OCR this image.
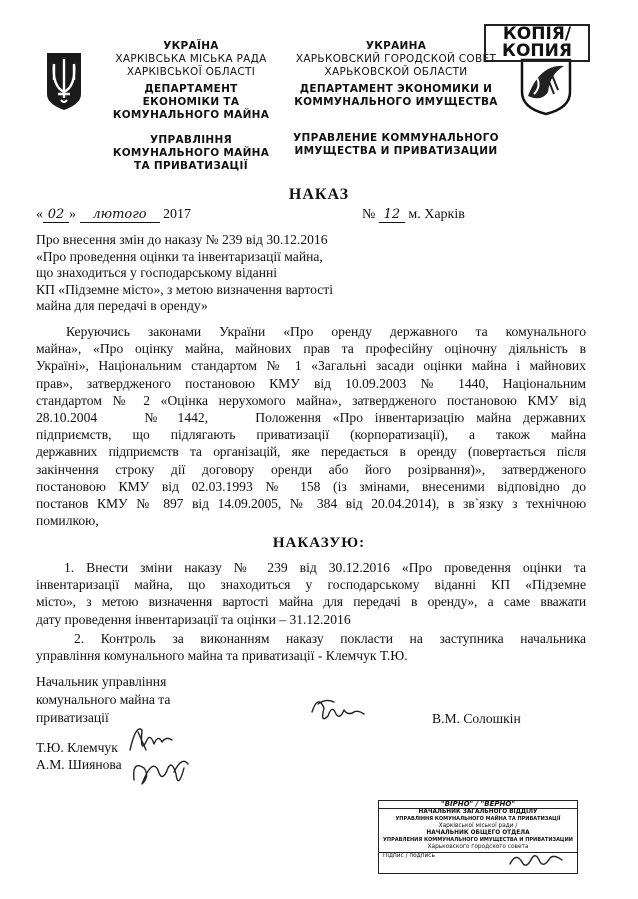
КОПІЯ/
КОПИЯ
УКРАЇНА
ХАРКІВСЬКА МІСЬКА РАДА
ХАРКІВСЬКОЇ ОБЛАСТІ
ДЕПАРТАМЕНТ
ЕКОНОМІКИ ТА
КОМУНАЛЬНОГО МАЙНА
УПРАВЛІННЯ
КОМУНАЛЬНОГО МАЙНА
ТА ПРИВАТИЗАЦІЇ
УКРАИНА
ХАРЬКОВСКИЙ ГОРОДСКОЙ СОВЕТ
ХАРЬКОВСКОЙ ОБЛАСТИ
ДЕПАРТАМЕНТ ЭКОНОМИКИ И
КОММУНАЛЬНОГО ИМУЩЕСТВА
УПРАВЛЕНИЕ КОММУНАЛЬНОГО
ИМУЩЕСТВА И ПРИВАТИЗАЦИИ
НАКАЗ
« 02 » лютого 2017	№ 12 м. Харків
Про внесення змін до наказу № 239 від 30.12.2016
«Про проведення оцінки та інвентаризації майна,
що знаходиться у господарському віданні
КП «Підземне місто», з метою визначення вартості
майна для передачі в оренду»
Керуючись законами України «Про оренду державного та комунального
майна», «Про оцінку майна, майнових прав та професійну оціночну діяльність в
Україні», Національним стандартом № 1 «Загальні засади оцінки майна і майнових
прав», затвердженого постановою КМУ від 10.09.2003 № 1440, Національним
стандартом № 2 «Оцінка нерухомого майна», затвердженого постановою КМУ від
28.10.2004    № 1442,    Положення «Про інвентаризацію майна державних
підприємств, що підлягають приватизації (корпоратизації), а також майна
державних підприємств та організацій, яке передається в оренду (повертається після
закінчення строку дії договору оренди або його розірвання)», затвердженого
постановою КМУ від 02.03.1993 № 158 (із змінами, внесеними відповідно до
постанов КМУ № 897 від 14.09.2005, № 384 від 20.04.2014), в зв`язку з технічною
помилкою,
НАКАЗУЮ:
1. Внести зміни наказу № 239 від 30.12.2016 «Про проведення оцінки та
інвентаризації майна, що знаходиться у господарському віданні КП «Підземне
місто», з метою визначення вартості майна для передачі в оренду», а саме вважати
дату проведення інвентаризації та оцінки – 31.12.2016
2. Контроль за виконанням наказу покласти на заступника начальника
управління комунального майна та приватизації - Клемчук Т.Ю.
Начальник управління
комунального майна та
приватизації	В.М. Солошкін
Т.Ю. Клемчук
А.М. Шиянова
"ВІРНО" / "ВЕРНО"
НАЧАЛЬНИК ЗАГАЛЬНОГО ВІДДІЛУ
УПРАВЛІННЯ КОМУНАЛЬНОГО МАЙНА ТА ПРИВАТИЗАЦІЇ
Харківської міської ради /
НАЧАЛЬНИК ОБЩЕГО ОТДЕЛА
УПРАВЛЕНИЯ КОММУНАЛЬНОГО ИМУЩЕСТВА И ПРИВАТИЗАЦИИ
Харьковского городского совета
Підпис / подпись
